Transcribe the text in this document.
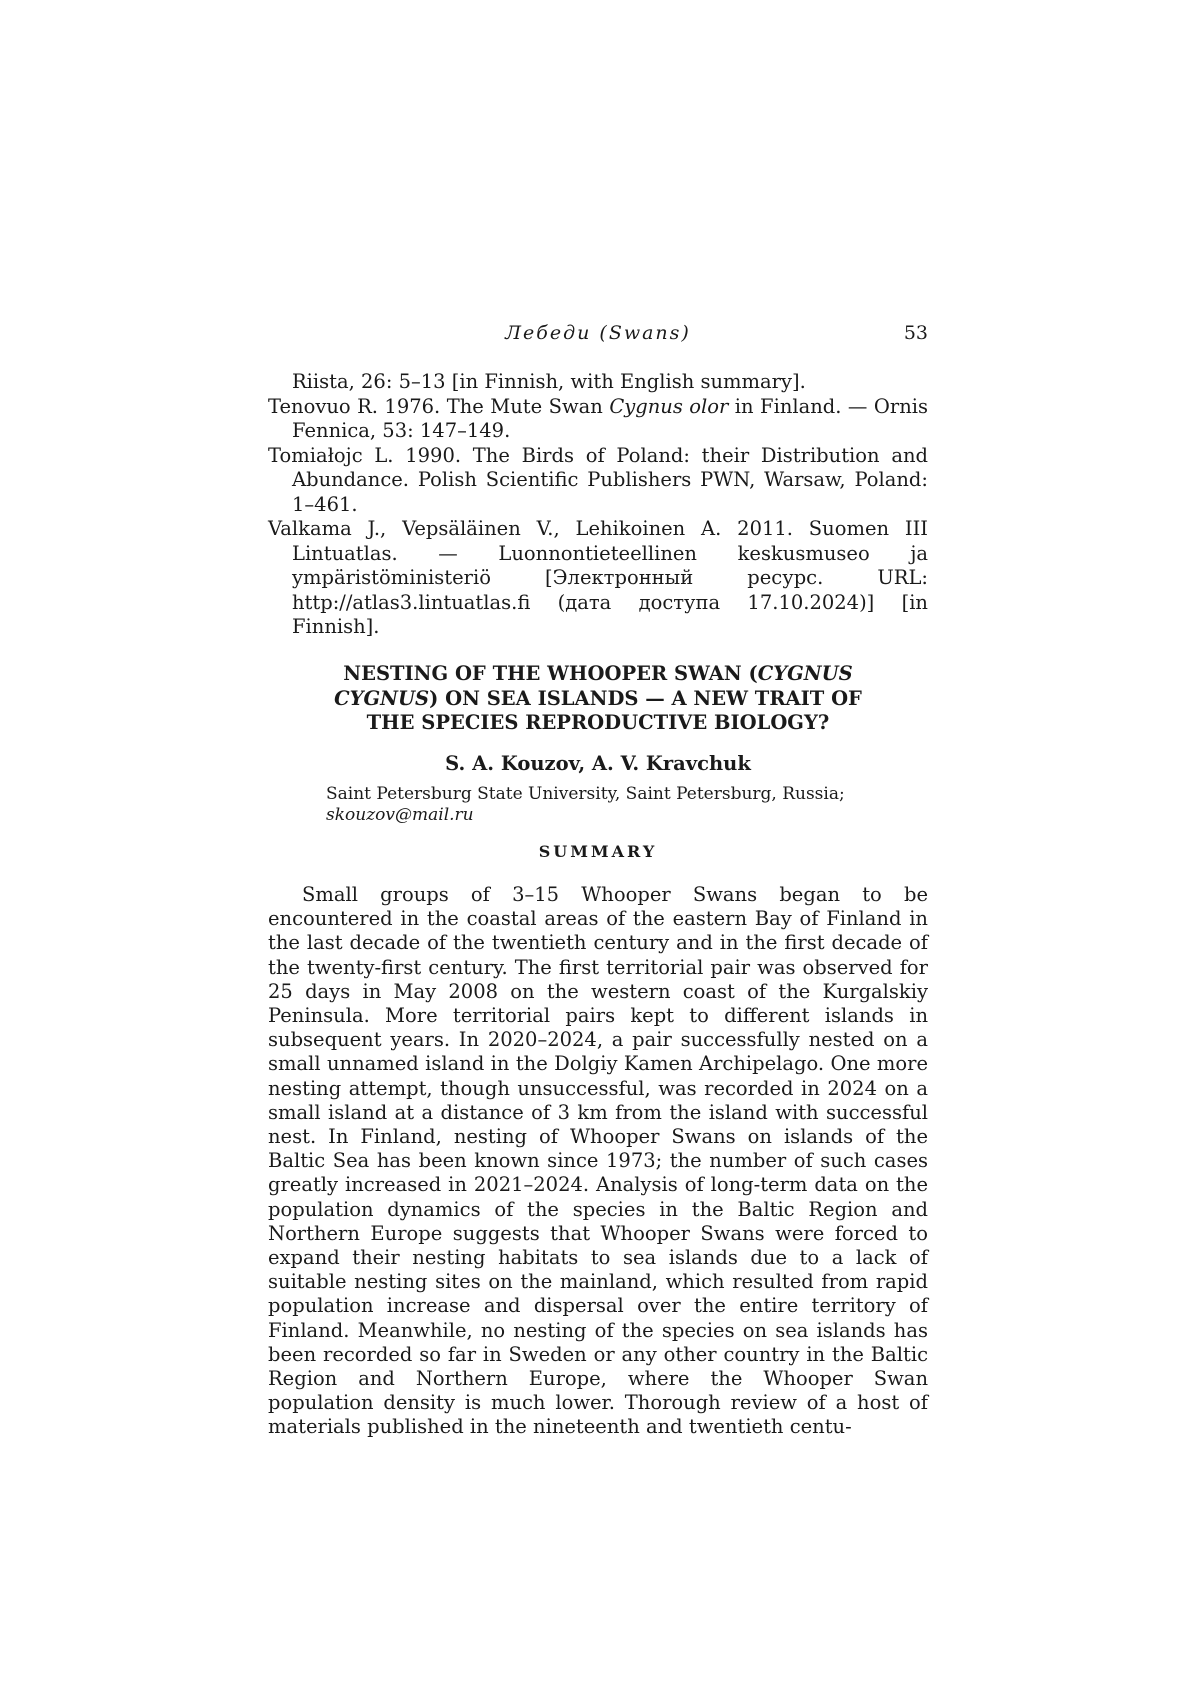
Лебеди (Swans)	53

Riista, 26: 5–13 [in Finnish, with English summary].

Tenovuo R. 1976. The Mute Swan Cygnus olor in Finland. — Ornis Fennica, 53: 147–149.

Tomiałojc L. 1990. The Birds of Poland: their Distribution and Abundance. Polish Scientific Publishers PWN, Warsaw, Poland: 1–461.

Valkama J., Vepsäläinen V., Lehikoinen A. 2011. Suomen III Lintuatlas. — Luonnontieteellinen keskusmuseo ja ympäristöministeriö [Электронный ресурс. URL: http://atlas3.lintuatlas.fi (дата доступа 17.10.2024)] [in Finnish].

NESTING OF THE WHOOPER SWAN (CYGNUS CYGNUS) ON SEA ISLANDS — A NEW TRAIT OF THE SPECIES REPRODUCTIVE BIOLOGY?

S. A. Kouzov, A. V. Kravchuk

Saint Petersburg State University, Saint Petersburg, Russia;

skouzov@mail.ru

SUMMARY

Small groups of 3–15 Whooper Swans began to be encountered in the coastal areas of the eastern Bay of Finland in the last decade of the twentieth century and in the first decade of the twenty-first century. The first territorial pair was observed for 25 days in May 2008 on the western coast of the Kurgalskiy Peninsula. More territorial pairs kept to different islands in subsequent years. In 2020–2024, a pair successfully nested on a small unnamed island in the Dolgiy Kamen Archipelago. One more nesting attempt, though unsuccessful, was recorded in 2024 on a small island at a distance of 3 km from the island with successful nest. In Finland, nesting of Whooper Swans on islands of the Baltic Sea has been known since 1973; the number of such cases greatly increased in 2021–2024. Analysis of long-term data on the population dynamics of the species in the Baltic Region and Northern Europe suggests that Whooper Swans were forced to expand their nesting habitats to sea islands due to a lack of suitable nesting sites on the mainland, which resulted from rapid population increase and dispersal over the entire territory of Finland. Meanwhile, no nesting of the species on sea islands has been recorded so far in Sweden or any other country in the Baltic Region and Northern Europe, where the Whooper Swan population density is much lower. Thorough review of a host of materials published in the nineteenth and twentieth centu-
